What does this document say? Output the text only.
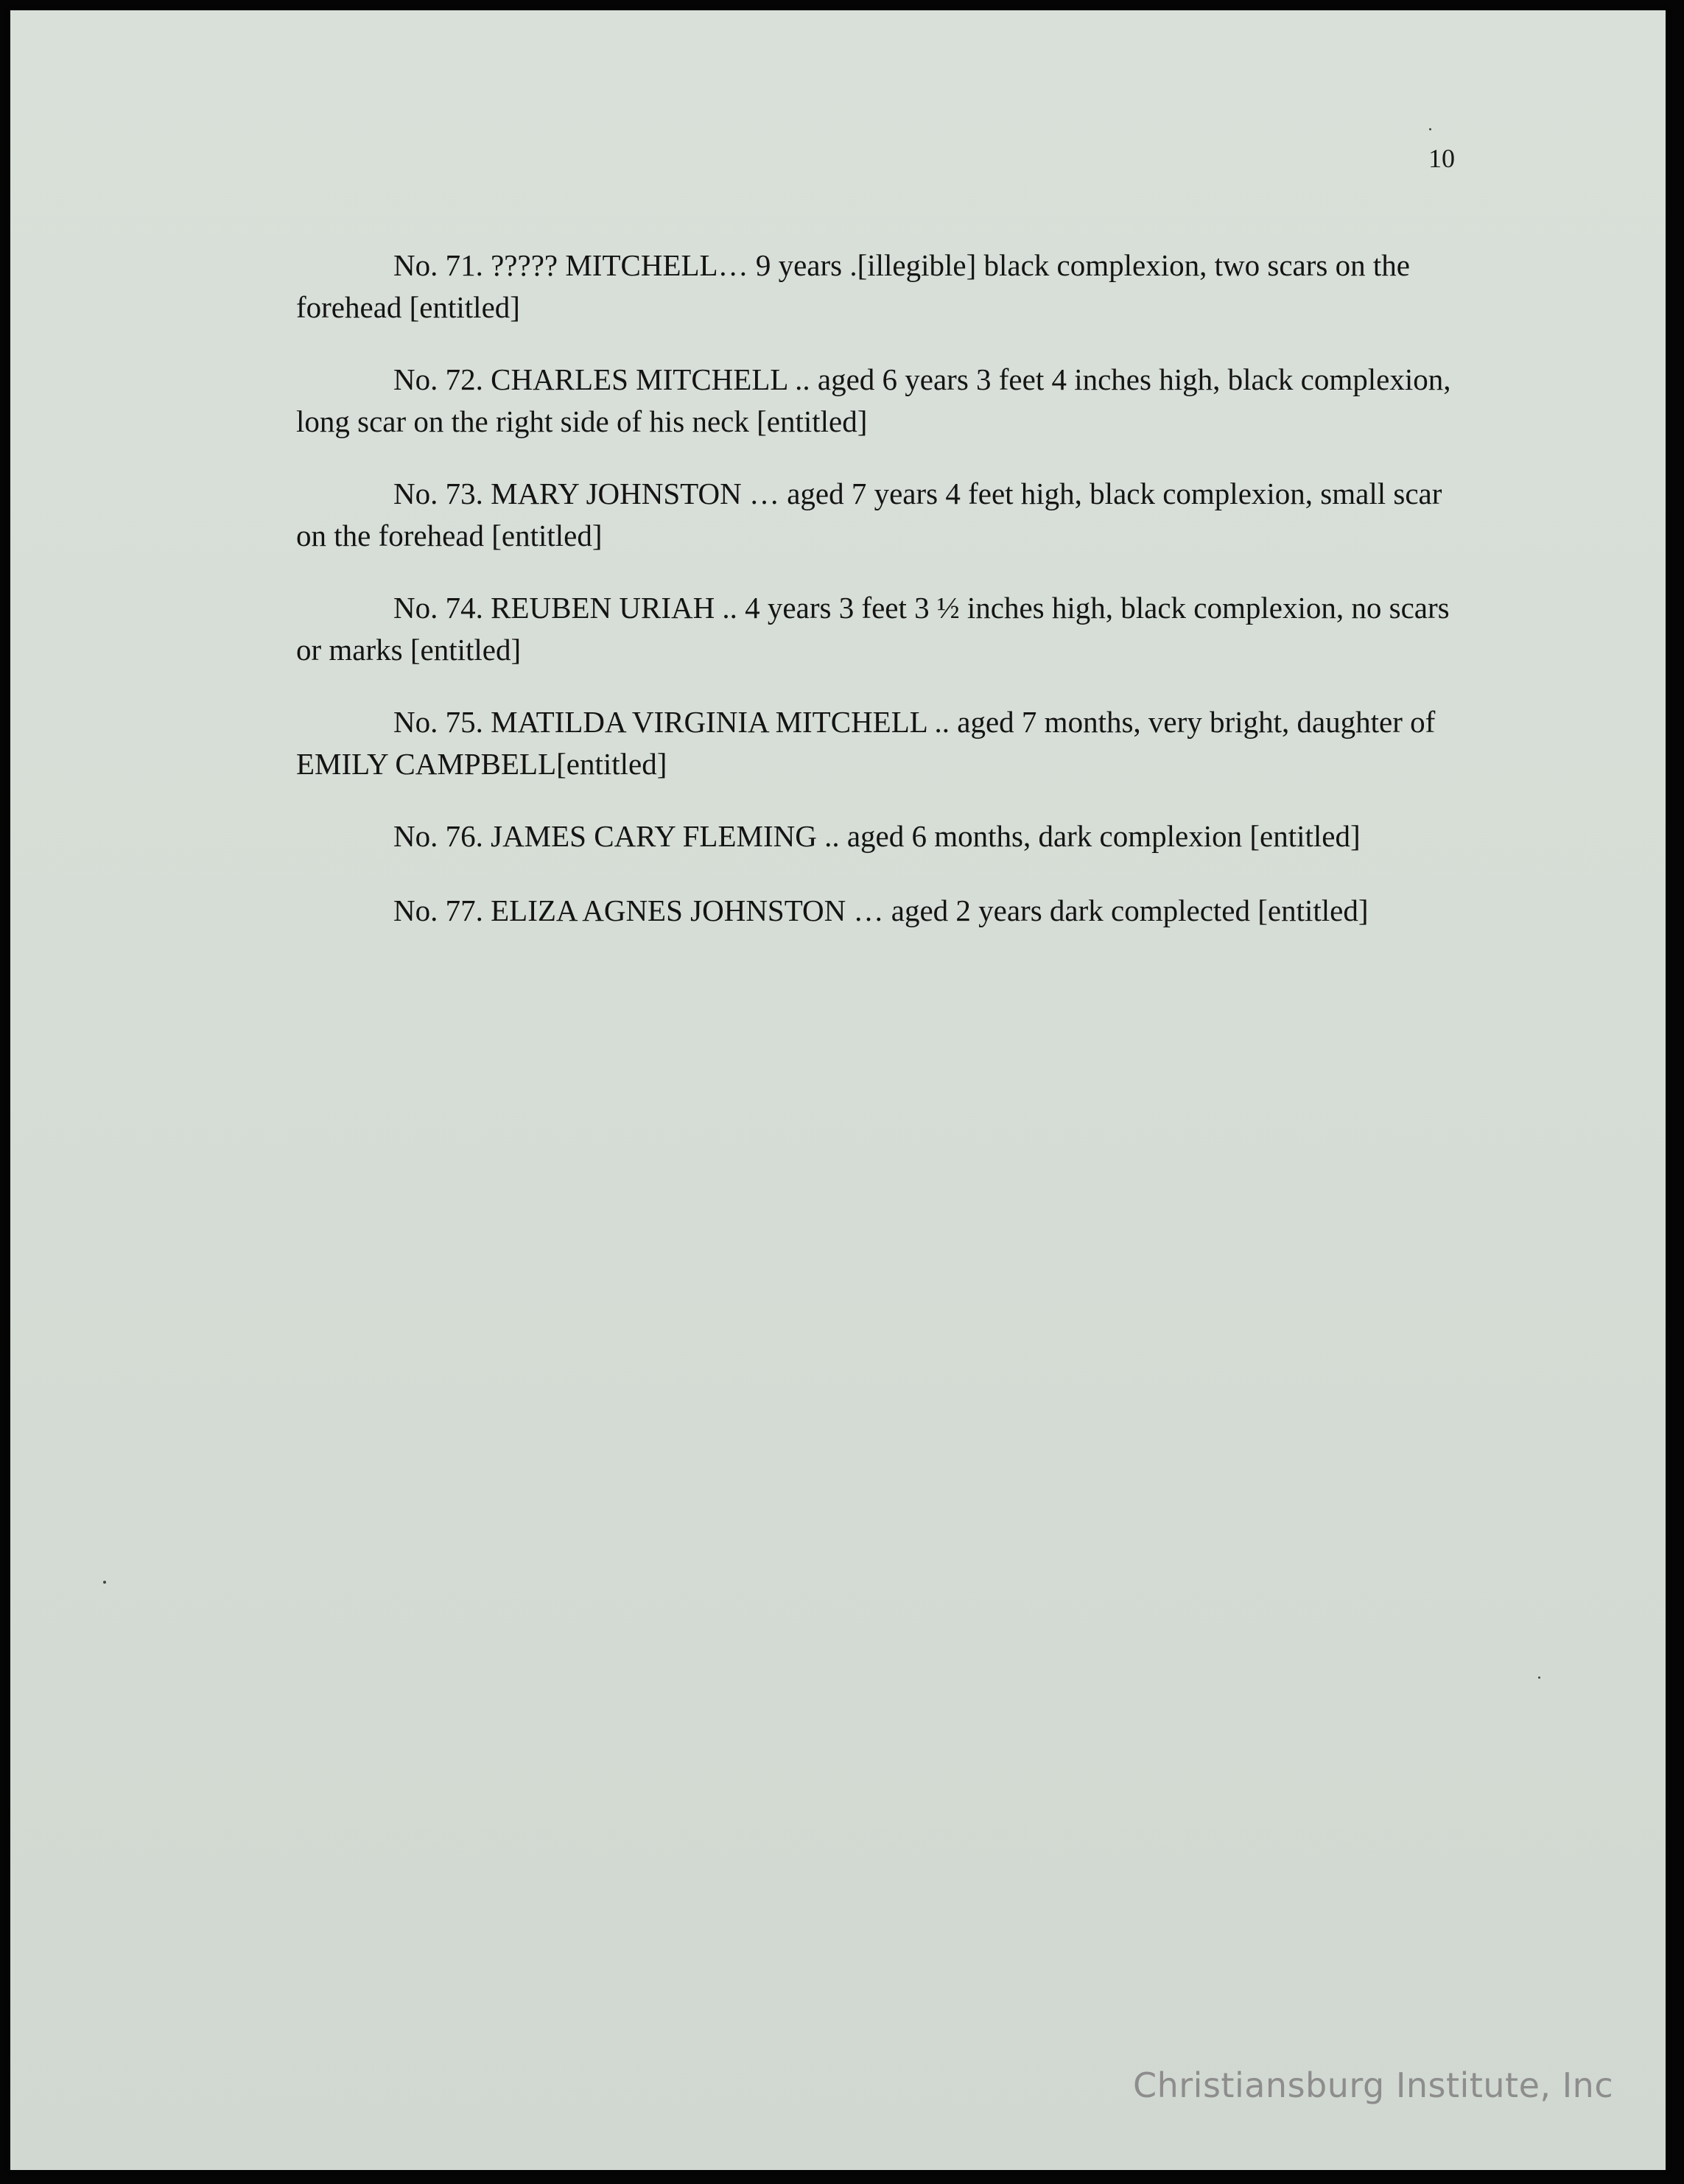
10

No. 71. ????? MITCHELL… 9 years .[illegible] black complexion, two scars on the forehead [entitled]

No. 72. CHARLES MITCHELL .. aged 6 years 3 feet 4 inches high, black complexion, long scar on the right side of his neck [entitled]

No. 73. MARY JOHNSTON … aged 7 years 4 feet high, black complexion, small scar on the forehead [entitled]

No. 74. REUBEN URIAH .. 4 years 3 feet 3 ½ inches high, black complexion, no scars or marks [entitled]

No. 75. MATILDA VIRGINIA MITCHELL .. aged 7 months, very bright, daughter of EMILY CAMPBELL[entitled]

No. 76. JAMES CARY FLEMING .. aged 6 months, dark complexion [entitled]

No. 77. ELIZA AGNES JOHNSTON … aged 2 years dark complected [entitled]

Christiansburg Institute, Inc
